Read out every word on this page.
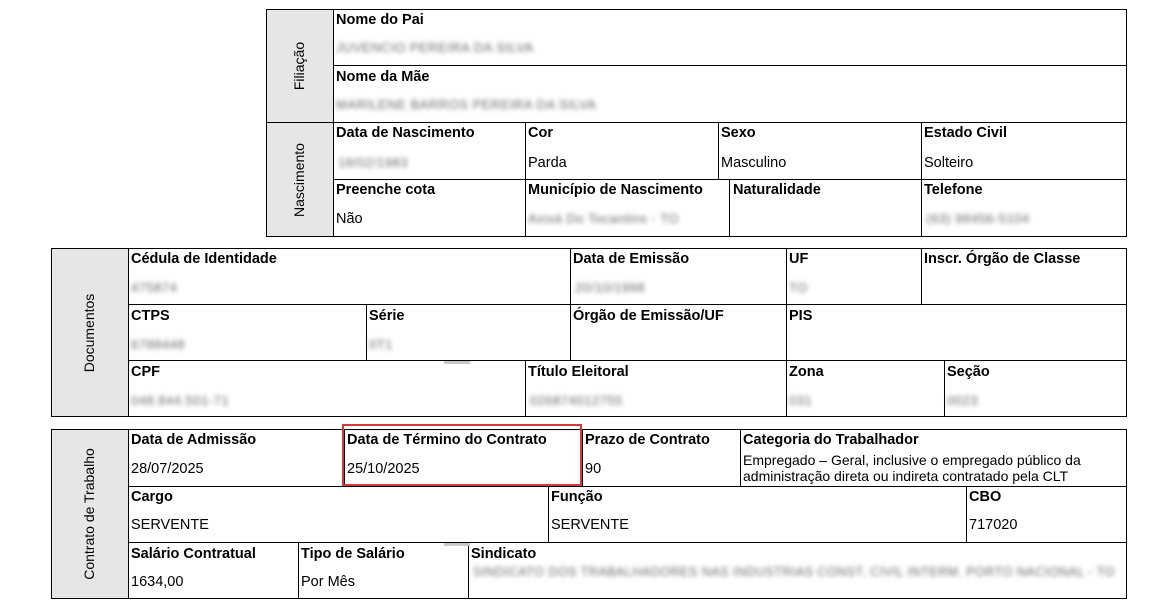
Filiação
Nascimento
Nome do Pai
JUVENCIO PEREIRA DA SILVA
Nome da Mãe
MARILENE BARROS PEREIRA DA SILVA
Data de Nascimento
18/02/1983
Cor
Parda
Sexo
Masculino
Estado Civil
Solteiro
Preenche cota
Não
Município de Nascimento
Axixá Do Tocantins - TO
Naturalidade	Telefone
(63) 98456-5104
Documentos
Cédula de Identidade
475874
Data de Emissão
20/10/1998
UF
TO
Inscr. Órgão de Classe
CTPS
6788448
Série
0T1
Órgão de Emissão/UF	PIS
CPF
048.844.501-71
Título Eleitoral
026874012755
Zona
031
Seção
0023
Contrato de Trabalho
Data de Admissão
28/07/2025
Data de Término do Contrato
25/10/2025
Prazo de Contrato
90
Categoria do Trabalhador
Empregado – Geral, inclusive o empregado público da administração direta ou indireta contratado pela CLT
Cargo
SERVENTE
Função
SERVENTE
CBO
717020
Salário Contratual
1634,00
Tipo de Salário
Por Mês
Sindicato
SINDICATO DOS TRABALHADORES NAS INDUSTRIAS CONST. CIVIL INTERM. PORTO NACIONAL - TO
